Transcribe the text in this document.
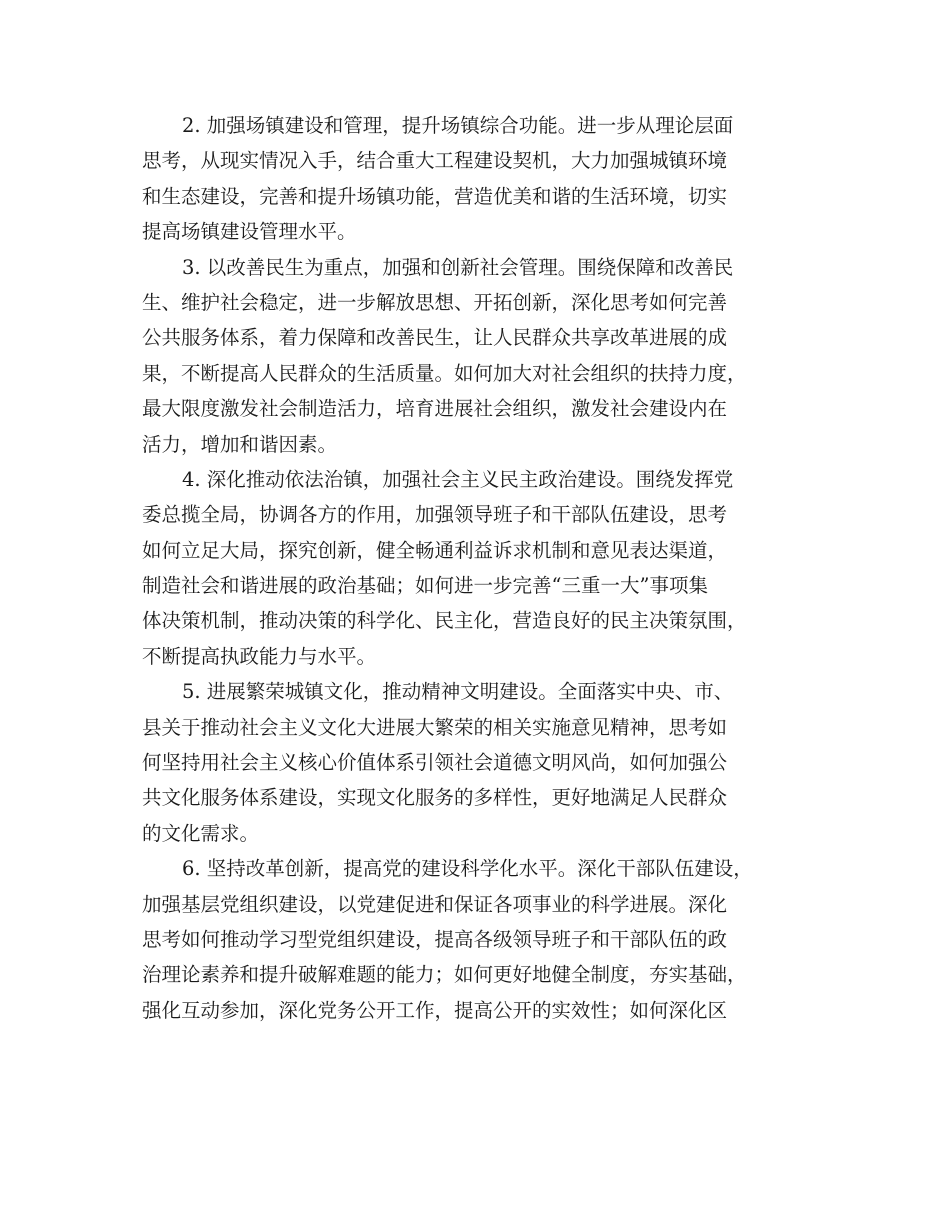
2. 加强场镇建设和管理，提升场镇综合功能。进一步从理论层面
思考，从现实情况入手，结合重大工程建设契机，大力加强城镇环境
和生态建设，完善和提升场镇功能，营造优美和谐的生活环境，切实
提高场镇建设管理水平。
3. 以改善民生为重点，加强和创新社会管理。围绕保障和改善民
生、维护社会稳定，进一步解放思想、开拓创新，深化思考如何完善
公共服务体系，着力保障和改善民生，让人民群众共享改革进展的成
果，不断提高人民群众的生活质量。如何加大对社会组织的扶持力度，
最大限度激发社会制造活力，培育进展社会组织，激发社会建设内在
活力，增加和谐因素。
4. 深化推动依法治镇，加强社会主义民主政治建设。围绕发挥党
委总揽全局，协调各方的作用，加强领导班子和干部队伍建设，思考
如何立足大局，探究创新，健全畅通利益诉求机制和意见表达渠道，
制造社会和谐进展的政治基础；如何进一步完善“三重一大”事项集
体决策机制，推动决策的科学化、民主化，营造良好的民主决策氛围，
不断提高执政能力与水平。
5. 进展繁荣城镇文化，推动精神文明建设。全面落实中央、市、
县关于推动社会主义文化大进展大繁荣的相关实施意见精神，思考如
何坚持用社会主义核心价值体系引领社会道德文明风尚，如何加强公
共文化服务体系建设，实现文化服务的多样性，更好地满足人民群众
的文化需求。
6. 坚持改革创新，提高党的建设科学化水平。深化干部队伍建设，
加强基层党组织建设，以党建促进和保证各项事业的科学进展。深化
思考如何推动学习型党组织建设，提高各级领导班子和干部队伍的政
治理论素养和提升破解难题的能力；如何更好地健全制度，夯实基础，
强化互动参加，深化党务公开工作，提高公开的实效性；如何深化区
